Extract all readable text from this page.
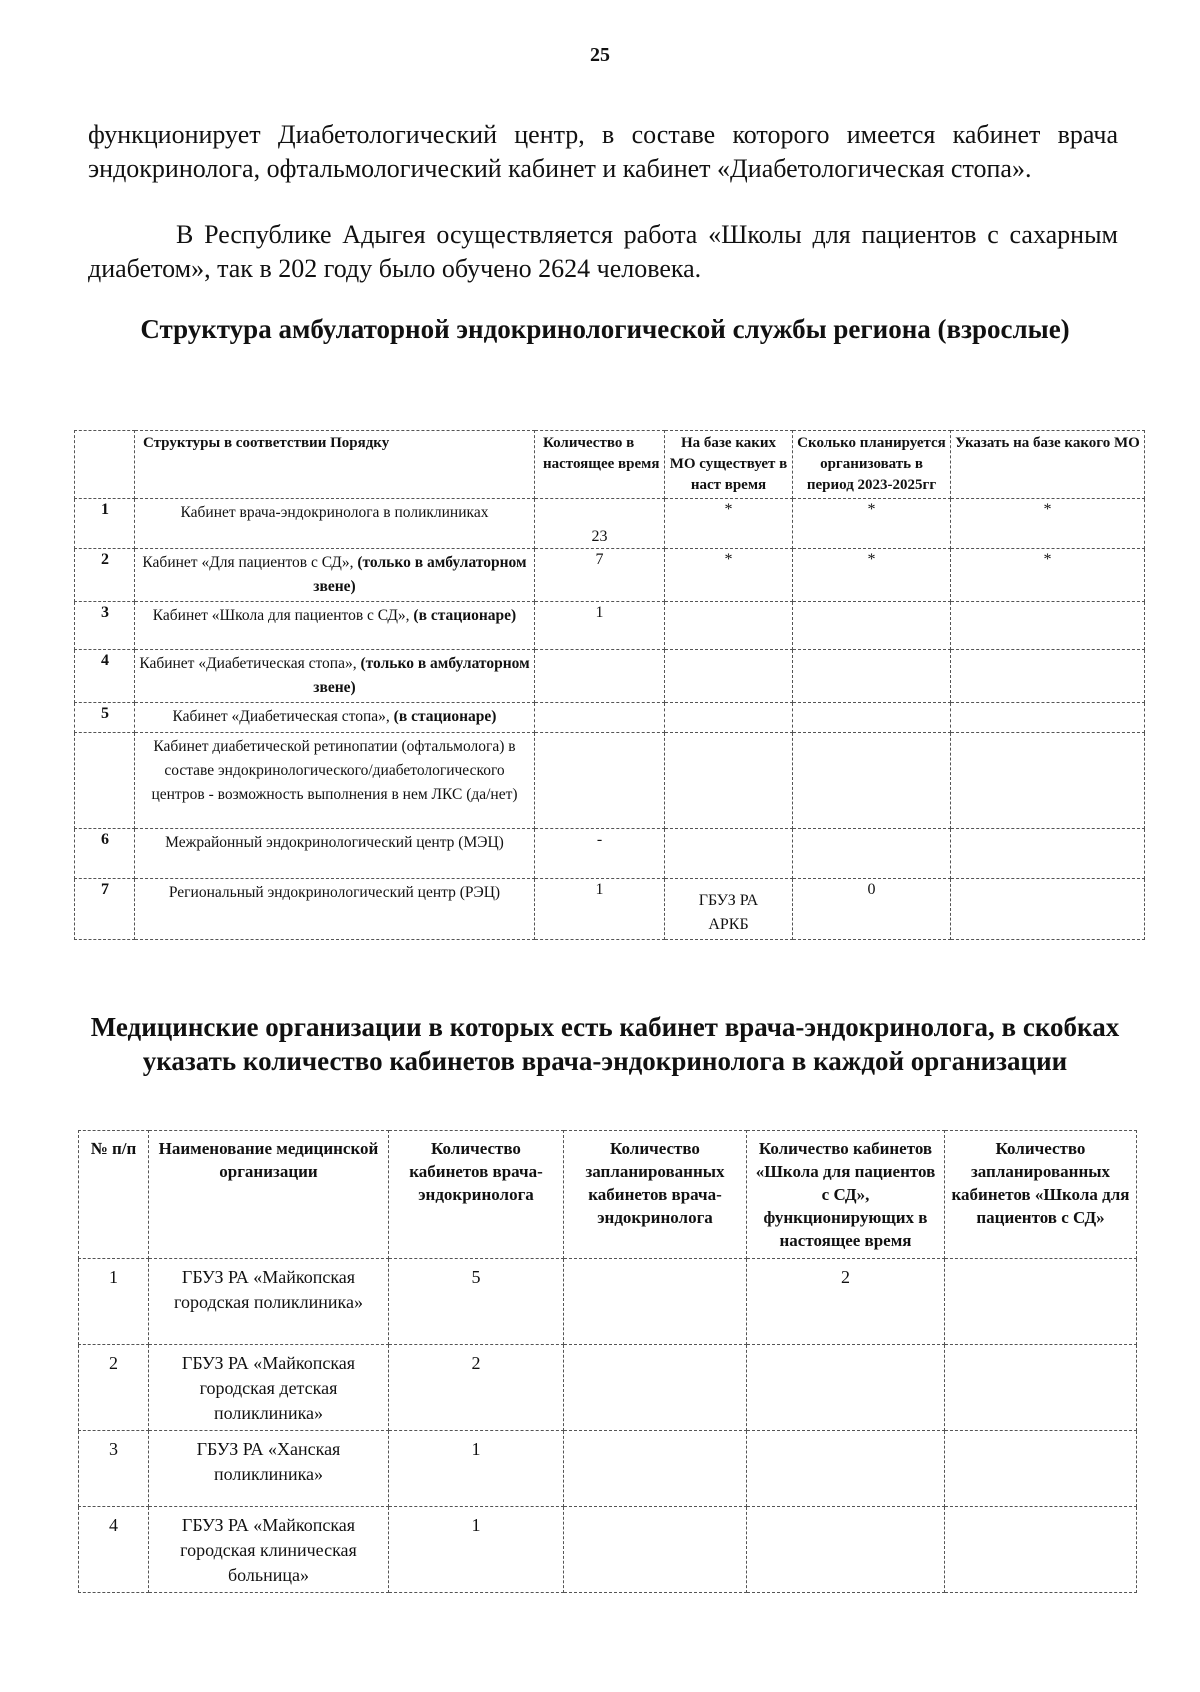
25

функционирует Диабетологический центр, в составе которого имеется кабинет врача эндокринолога, офтальмологический кабинет и кабинет «Диабетологическая стопа».

В Республике Адыгея осуществляется работа «Школы для пациентов с сахарным диабетом», так в 202 году было обучено 2624 человека.

Структура амбулаторной эндокринологической службы региона (взрослые)
	Структуры в соответствии Порядку	Количество в настоящее время	На базе каких МО существует в наст время	Сколько планируется организовать в период 2023-2025гг	Указать на базе какого МО
1	Кабинет врача-эндокринолога в поликлиниках	23	*	*	*
2	Кабинет «Для пациентов с СД», (только в амбулаторном звене)	7	*	*	*
3	Кабинет «Школа для пациентов с СД», (в стационаре)	1			
4	Кабинет «Диабетическая стопа», (только в амбулаторном звене)				
5	Кабинет «Диабетическая стопа», (в стационаре)				
	Кабинет диабетической ретинопатии (офтальмолога) в составе эндокринологического/диабетологического центров - возможность выполнения в нем ЛКС (да/нет)				
6	Межрайонный эндокринологический центр (МЭЦ)	-			
7	Региональный эндокринологический центр (РЭЦ)	1	ГБУЗ РА АРКБ	0	
Медицинские организации в которых есть кабинет врача-эндокринолога, в скобках указать количество кабинетов врача-эндокринолога в каждой организации
№ п/п	Наименование медицинской организации	Количество кабинетов врача- эндокринолога	Количество запланированных кабинетов врача-эндокринолога	Количество кабинетов «Школа для пациентов с СД», функционирующих в настоящее время	Количество запланированных кабинетов «Школа для пациентов с СД»
1	ГБУЗ РА «Майкопская городская поликлиника»	5		2	
2	ГБУЗ РА «Майкопская городская детская поликлиника»	2			
3	ГБУЗ РА «Ханская поликлиника»	1			
4	ГБУЗ РА «Майкопская городская клиническая больница»	1			
